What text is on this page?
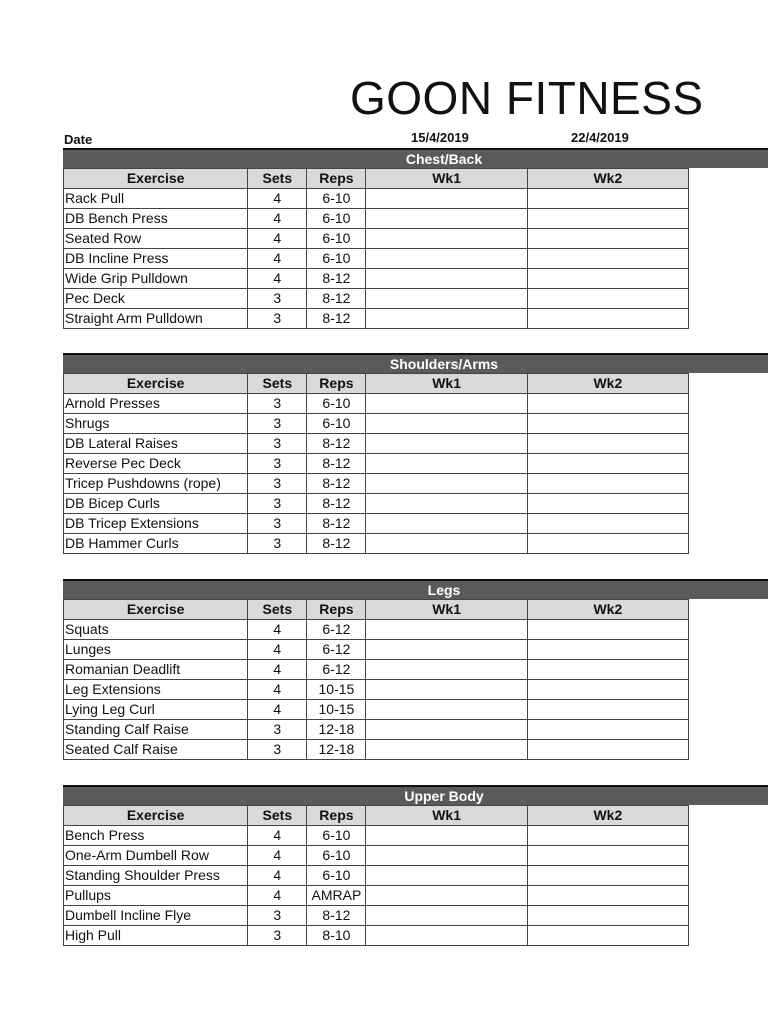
GOON FITNESS
Date	15/4/2019	22/4/2019
Chest/Back
Exercise	Sets	Reps	Wk1	Wk2
Rack Pull	4	6-10		
DB Bench Press	4	6-10		
Seated Row	4	6-10		
DB Incline Press	4	6-10		
Wide Grip Pulldown	4	8-12		
Pec Deck	3	8-12		
Straight Arm Pulldown	3	8-12		
Shoulders/Arms
Exercise	Sets	Reps	Wk1	Wk2
Arnold Presses	3	6-10		
Shrugs	3	6-10		
DB Lateral Raises	3	8-12		
Reverse Pec Deck	3	8-12		
Tricep Pushdowns (rope)	3	8-12		
DB Bicep Curls	3	8-12		
DB Tricep Extensions	3	8-12		
DB Hammer Curls	3	8-12		
Legs
Exercise	Sets	Reps	Wk1	Wk2
Squats	4	6-12		
Lunges	4	6-12		
Romanian Deadlift	4	6-12		
Leg Extensions	4	10-15		
Lying Leg Curl	4	10-15		
Standing Calf Raise	3	12-18		
Seated Calf Raise	3	12-18		
Upper Body
Exercise	Sets	Reps	Wk1	Wk2
Bench Press	4	6-10		
One-Arm Dumbell Row	4	6-10		
Standing Shoulder Press	4	6-10		
Pullups	4	AMRAP		
Dumbell Incline Flye	3	8-12		
High Pull	3	8-10		
